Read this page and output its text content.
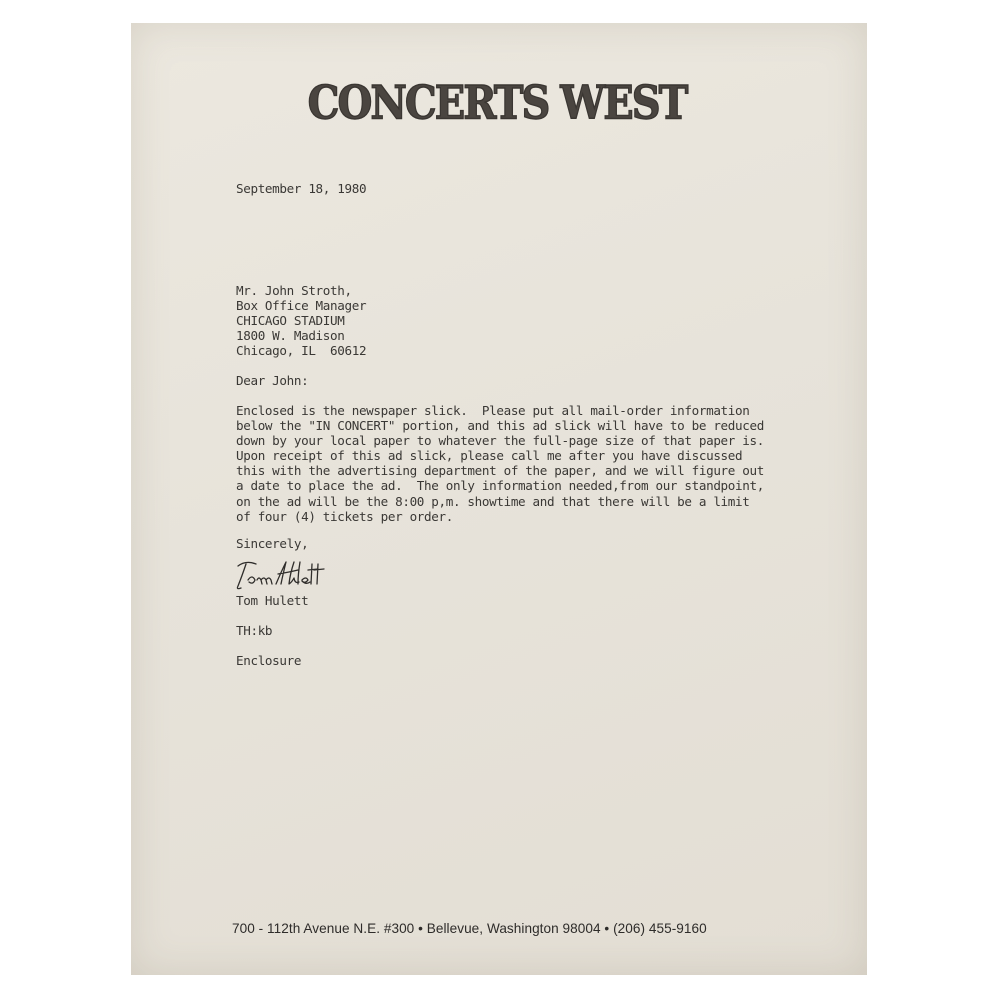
CONCERTS WEST
September 18, 1980
Mr. John Stroth,
Box Office Manager
CHICAGO STADIUM
1800 W. Madison
Chicago, IL  60612
Dear John:
Enclosed is the newspaper slick.  Please put all mail-order information
below the "IN CONCERT" portion, and this ad slick will have to be reduced
down by your local paper to whatever the full-page size of that paper is.
Upon receipt of this ad slick, please call me after you have discussed
this with the advertising department of the paper, and we will figure out
a date to place the ad.  The only information needed,from our standpoint,
on the ad will be the 8:00 p,m. showtime and that there will be a limit
of four (4) tickets per order.
Sincerely,
Tom Hulett
TH:kb
Enclosure
700 - 112th Avenue N.E. #300 • Bellevue, Washington 98004 • (206) 455-9160
